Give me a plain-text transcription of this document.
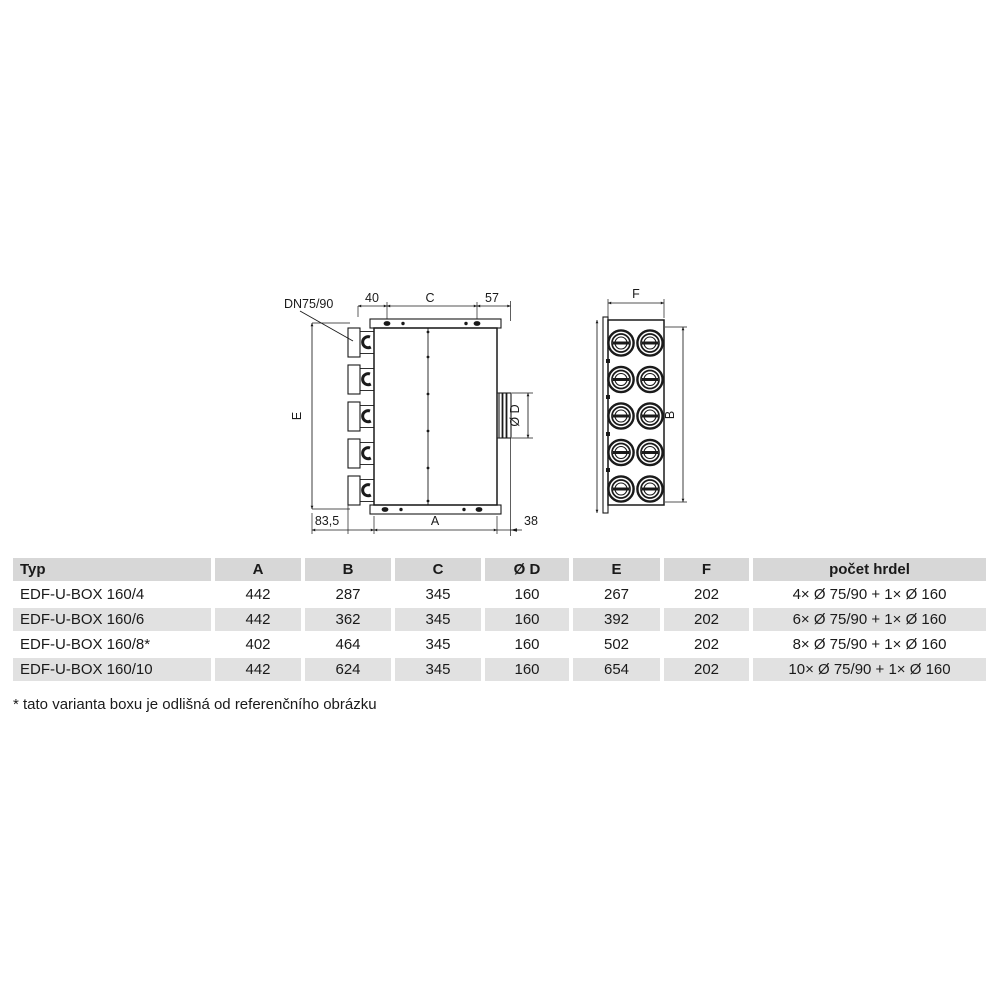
DN75/90	40	C	57
E	Ø D
83,5	A	38
F
B
Typ	A	B	C	Ø D	E	F	počet hrdel
EDF-U-BOX 160/4	442	287	345	160	267	202	4× Ø 75/90 + 1× Ø 160
EDF-U-BOX 160/6	442	362	345	160	392	202	6× Ø 75/90 + 1× Ø 160
EDF-U-BOX 160/8*	402	464	345	160	502	202	8× Ø 75/90 + 1× Ø 160
EDF-U-BOX 160/10	442	624	345	160	654	202	10× Ø 75/90 + 1× Ø 160
* tato varianta boxu je odlišná od referenčního obrázku
